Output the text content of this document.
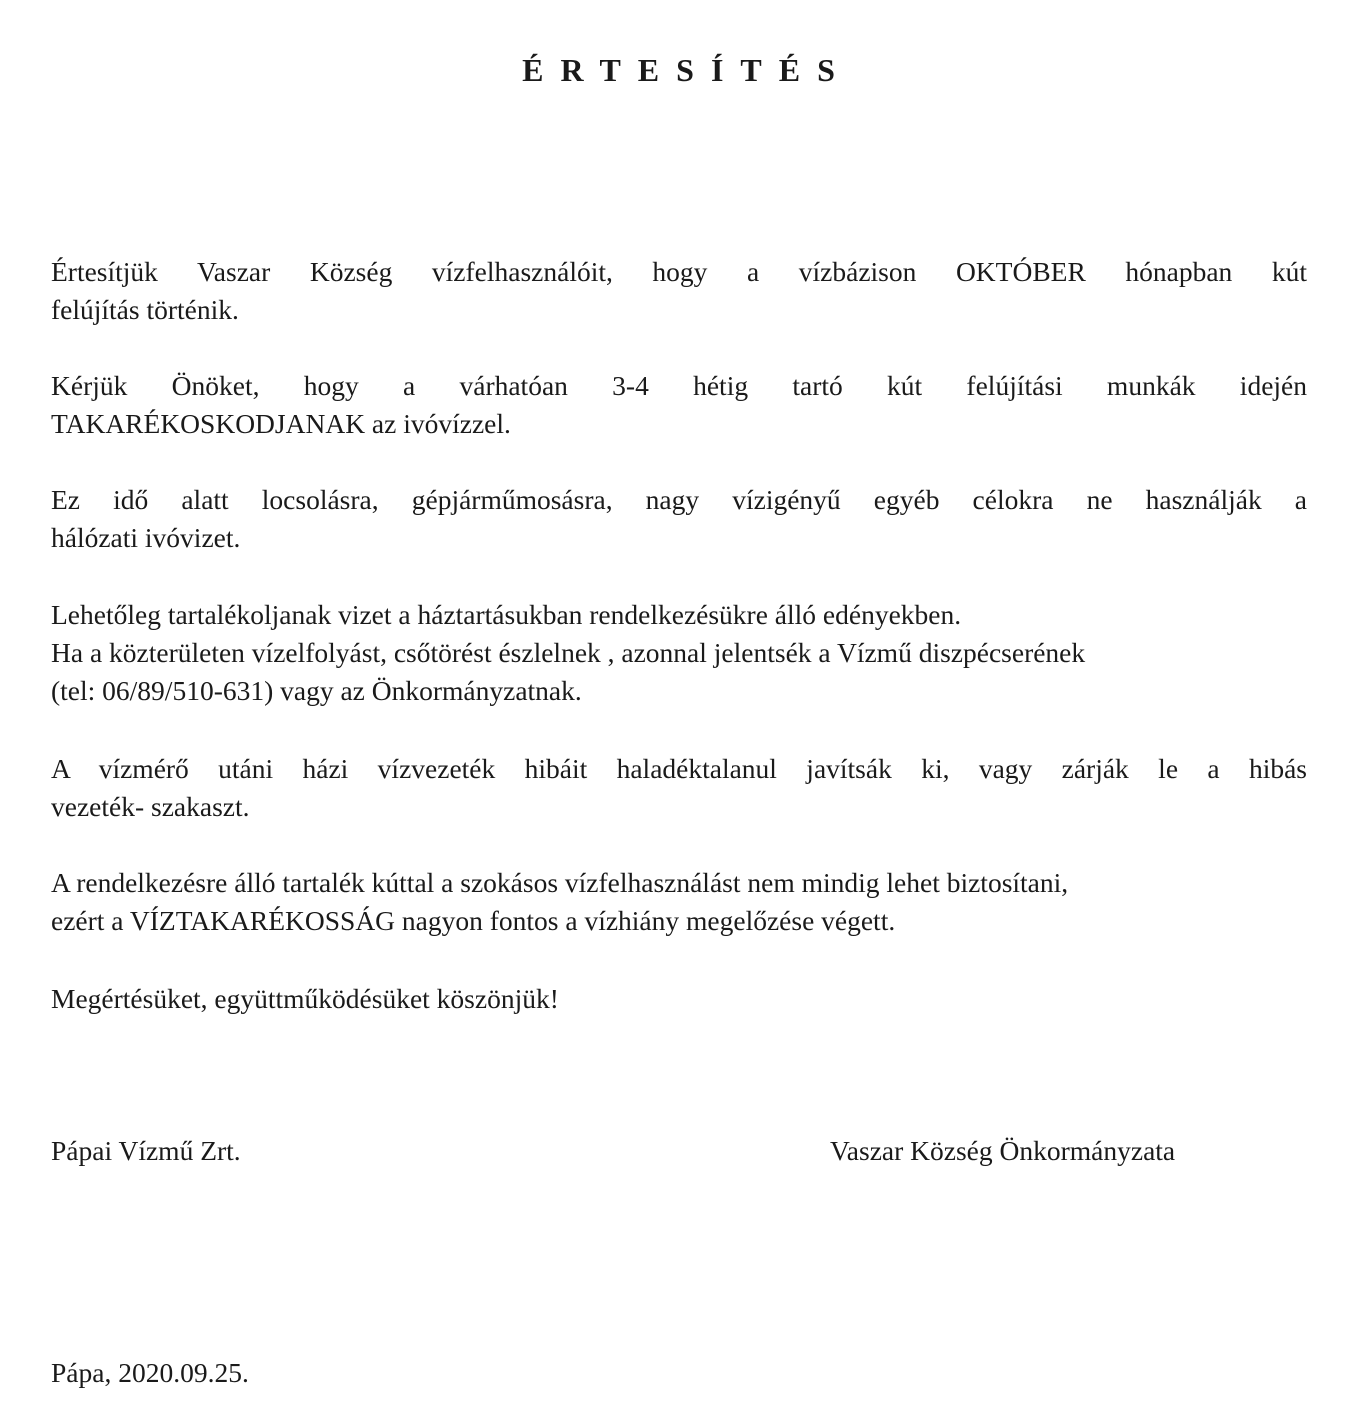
ÉRTESÍTÉS
Értesítjük Vaszar Község vízfelhasználóit, hogy a vízbázison OKTÓBER hónapban kút
felújítás történik.
Kérjük Önöket, hogy a várhatóan 3-4 hétig tartó kút felújítási munkák idején
TAKARÉKOSKODJANAK az ivóvízzel.
Ez idő alatt locsolásra, gépjárműmosásra, nagy vízigényű egyéb célokra ne használják a
hálózati ivóvizet.
Lehetőleg tartalékoljanak vizet a háztartásukban rendelkezésükre álló edényekben.
Ha a közterületen vízelfolyást, csőtörést észlelnek , azonnal jelentsék a Vízmű diszpécserének
(tel: 06/89/510-631) vagy az Önkormányzatnak.
A vízmérő utáni házi vízvezeték hibáit haladéktalanul javítsák ki, vagy zárják le a hibás
vezeték- szakaszt.
A rendelkezésre álló tartalék kúttal a szokásos vízfelhasználást nem mindig lehet biztosítani,
ezért a VÍZTAKARÉKOSSÁG nagyon fontos a vízhiány megelőzése végett.
Megértésüket, együttműködésüket köszönjük!
Pápai Vízmű Zrt.	Vaszar Község Önkormányzata
Pápa, 2020.09.25.
